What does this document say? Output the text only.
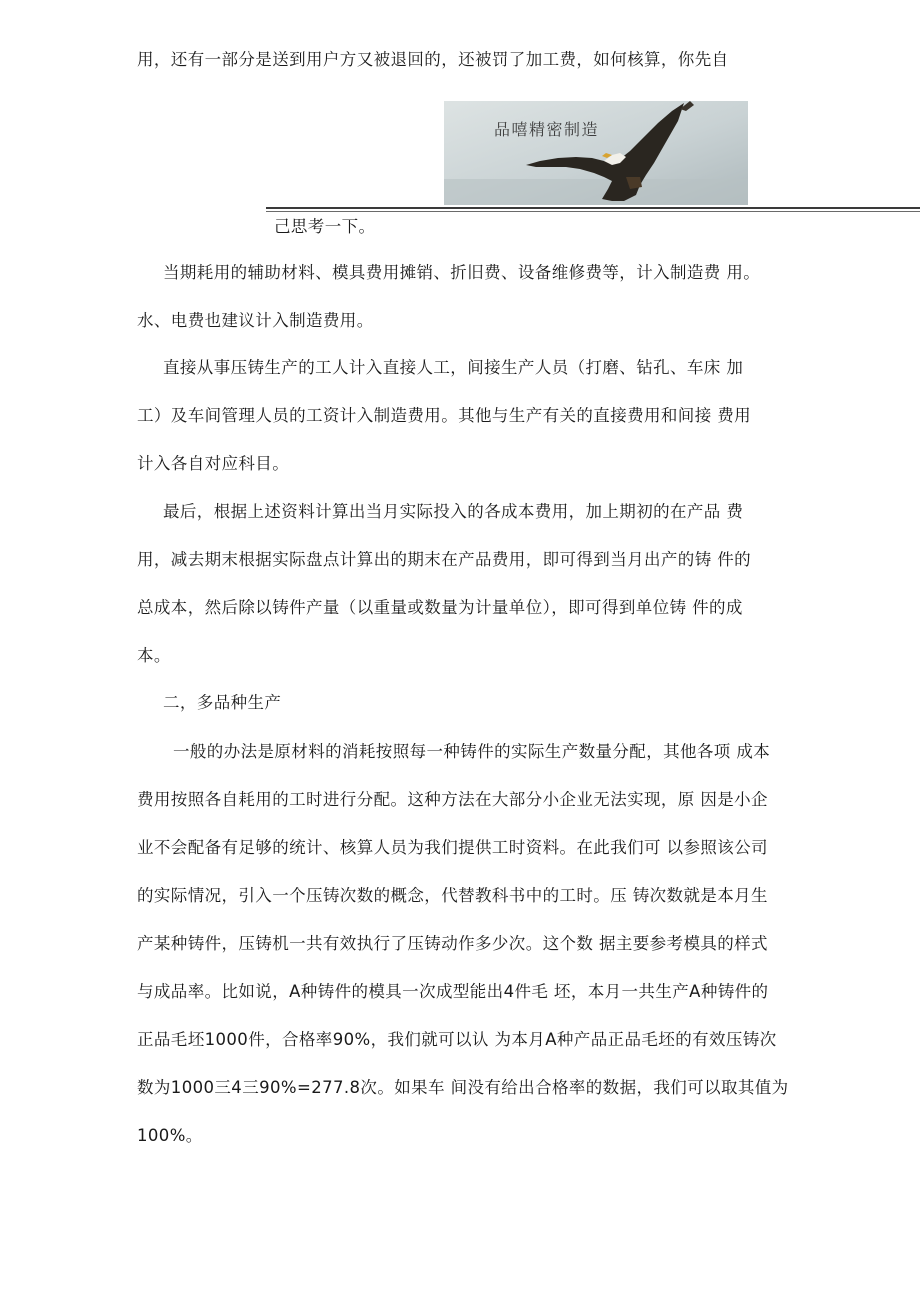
用，还有一部分是送到用户方又被退回的，还被罚了加工费，如何核算，你先自
品嘻精密制造
己思考一下。
当期耗用的辅助材料、模具费用摊销、折旧费、设备维修费等，计入制造费 用。
水、电费也建议计入制造费用。
直接从事压铸生产的工人计入直接人工，间接生产人员（打磨、钻孔、车床 加
工）及车间管理人员的工资计入制造费用。其他与生产有关的直接费用和间接 费用
计入各自对应科目。
最后，根据上述资料计算出当月实际投入的各成本费用，加上期初的在产品 费
用，减去期末根据实际盘点计算出的期末在产品费用，即可得到当月出产的铸 件的
总成本，然后除以铸件产量（以重量或数量为计量单位），即可得到单位铸 件的成
本。
二，多品种生产
一般的办法是原材料的消耗按照每一种铸件的实际生产数量分配，其他各项 成本
费用按照各自耗用的工时进行分配。这种方法在大部分小企业无法实现，原 因是小企
业不会配备有足够的统计、核算人员为我们提供工时资料。在此我们可 以参照该公司
的实际情况，引入一个压铸次数的概念，代替教科书中的工时。压 铸次数就是本月生
产某种铸件，压铸机一共有效执行了压铸动作多少次。这个数 据主要参考模具的样式
与成品率。比如说，A种铸件的模具一次成型能出4件毛 坯，本月一共生产A种铸件的
正品毛坯1000件，合格率90%，我们就可以认 为本月A种产品正品毛坯的有效压铸次
数为1000三4三90%=277.8次。如果车 间没有给出合格率的数据，我们可以取其值为
100%。
